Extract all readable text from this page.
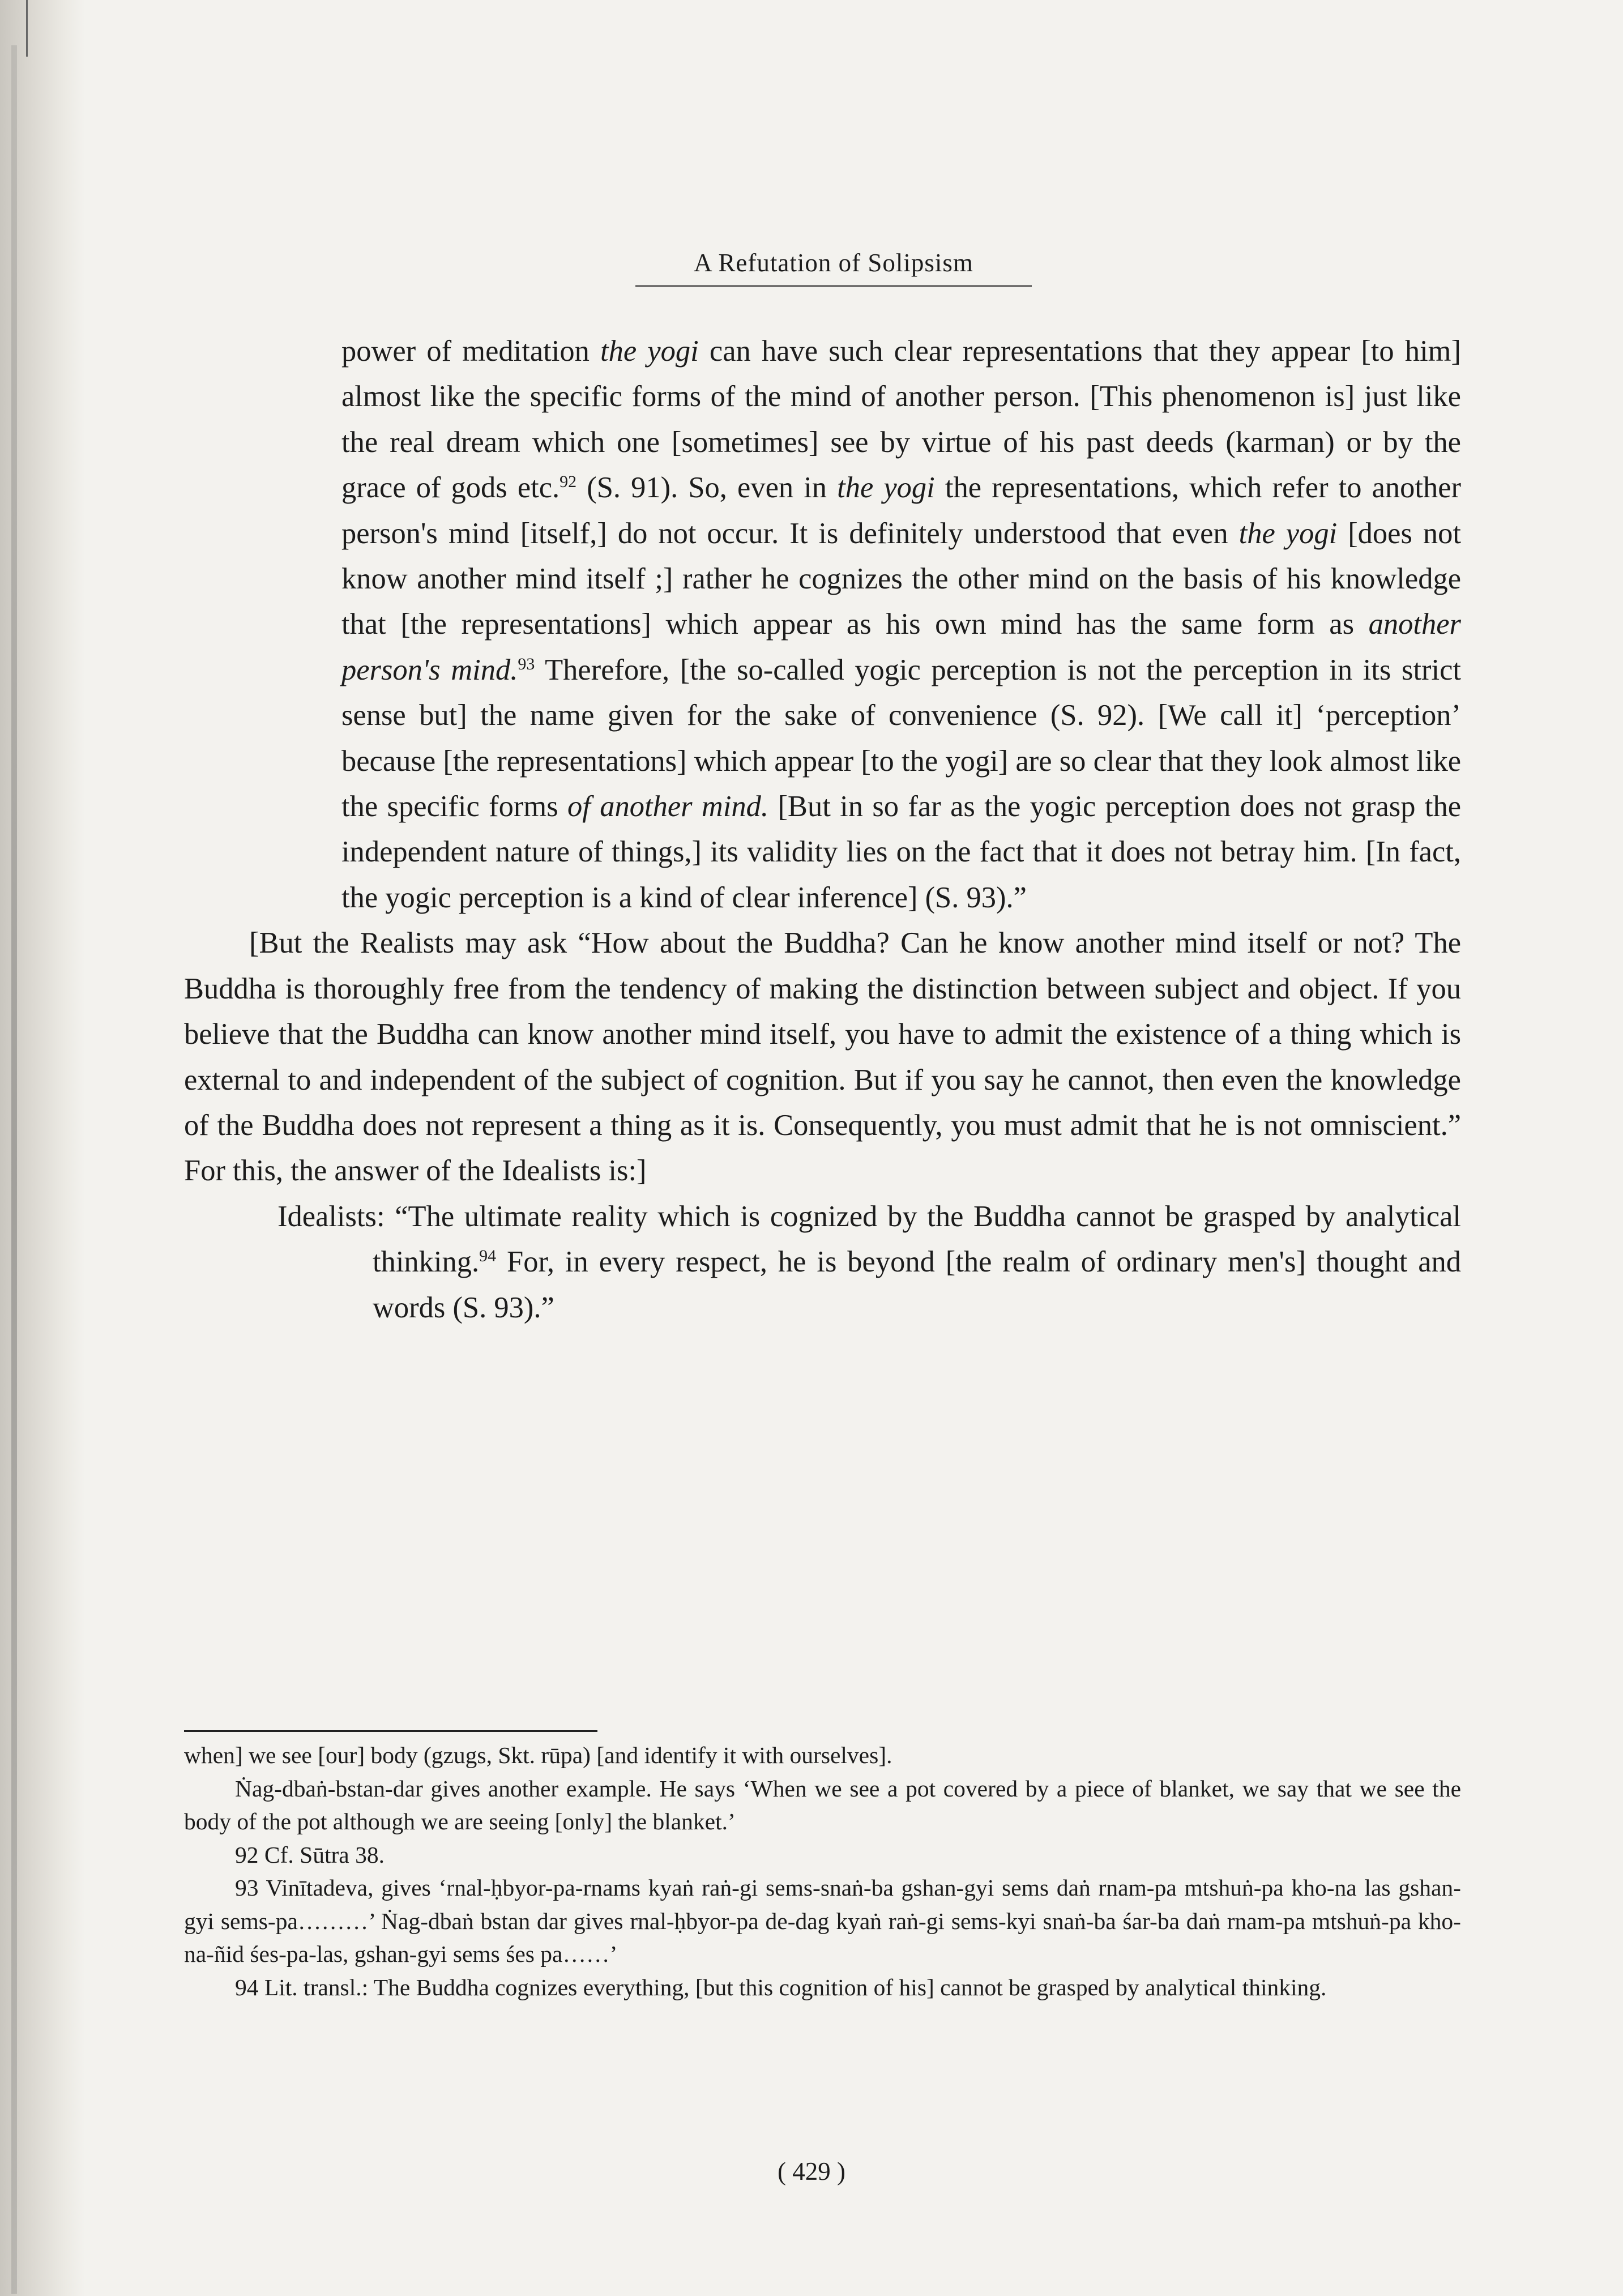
A Refutation of Solipsism

power of meditation the yogi can have such clear representations that they appear [to him] almost like the specific forms of the mind of another person. [This phenomenon is] just like the real dream which one [sometimes] see by virtue of his past deeds (karman) or by the grace of gods etc.$^{92}$ (S. 91). So, even in the yogi the representations, which refer to another person's mind [itself,] do not occur. It is definitely understood that even the yogi [does not know another mind itself ;] rather he cognizes the other mind on the basis of his knowledge that [the representations] which appear as his own mind has the same form as another person's mind.$^{93}$ Therefore, [the so-called yogic perception is not the perception in its strict sense but] the name given for the sake of convenience (S. 92). [We call it] ‘perception’ because [the representations] which appear [to the yogi] are so clear that they look almost like the specific forms of another mind. [But in so far as the yogic perception does not grasp the independent nature of things,] its validity lies on the fact that it does not betray him. [In fact, the yogic perception is a kind of clear inference] (S. 93).”

[But the Realists may ask “How about the Buddha? Can he know another mind itself or not? The Buddha is thoroughly free from the tendency of making the distinction between subject and object. If you believe that the Buddha can know another mind itself, you have to admit the existence of a thing which is external to and independent of the subject of cognition. But if you say he cannot, then even the knowledge of the Buddha does not represent a thing as it is. Consequently, you must admit that he is not omniscient.” For this, the answer of the Idealists is:]

Idealists: “The ultimate reality which is cognized by the Buddha cannot be grasped by analytical thinking.$^{94}$ For, in every respect, he is beyond [the realm of ordinary men's] thought and words (S. 93).”

when] we see [our] body (gzugs, Skt. rūpa) [and identify it with ourselves].

Ṅag-dbaṅ-bstan-dar gives another example. He says ‘When we see a pot covered by a piece of blanket, we say that we see the body of the pot although we are seeing [only] the blanket.’

92 Cf. Sūtra 38.

93 Vinītadeva, gives ‘rnal-ḥbyor-pa-rnams kyaṅ raṅ-gi sems-snaṅ-ba gshan-gyi sems daṅ rnam-pa mtshuṅ-pa kho-na las gshan-gyi sems-pa………’ Ṅag-dbaṅ bstan dar gives rnal-ḥbyor-pa de-dag kyaṅ raṅ-gi sems-kyi snaṅ-ba śar-ba daṅ rnam-pa mtshuṅ-pa kho-na-ñid śes-pa-las, gshan-gyi sems śes pa……’

94 Lit. transl.: The Buddha cognizes everything, [but this cognition of his] cannot be grasped by analytical thinking.

( 429 )
